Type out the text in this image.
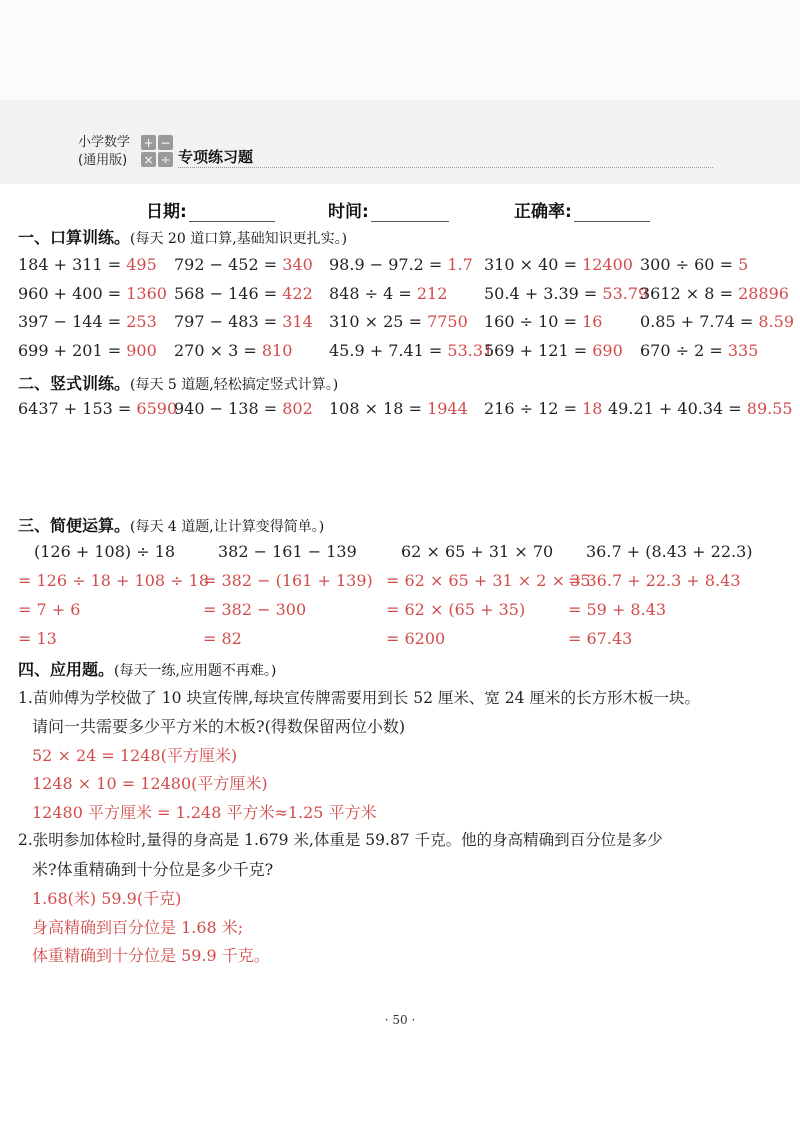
小学数学
(通用版)
+ −
× ÷ 专项练习题
日期:	时间:	正确率:
一、口算训练。(每天 20 道口算,基础知识更扎实。)
184 + 311 = 495 792 − 452 = 340 98.9 − 97.2 = 1.7 310 × 40 = 12400 300 ÷ 60 = 5
960 + 400 = 1360 568 − 146 = 422 848 ÷ 4 = 212 50.4 + 3.39 = 53.79
3612 × 8 = 28896
397 − 144 = 253 797 − 483 = 314 310 × 25 = 7750 160 ÷ 10 = 16 0.85 + 7.74 = 8.59
699 + 201 = 900 270 × 3 = 810 45.9 + 7.41 = 53.31
569 + 121 = 690 670 ÷ 2 = 335
二、竖式训练。(每天 5 道题,轻松搞定竖式计算。)
6437 + 153 = 6590
940 − 138 = 802 108 × 18 = 1944 216 ÷ 12 = 18 49.21 + 40.34 = 89.55
三、简便运算。(每天 4 道题,让计算变得简单。)
(126 + 108) ÷ 18
= 126 ÷ 18 + 108 ÷ 18
= 7 + 6
= 13
382 − 161 − 139
= 382 − (161 + 139)
= 382 − 300
= 82
62 × 65 + 31 × 70
= 62 × 65 + 31 × 2 × 35
= 62 × (65 + 35)
= 6200
36.7 + (8.43 + 22.3)
= 36.7 + 22.3 + 8.43
= 59 + 8.43
= 67.43
四、应用题。(每天一练,应用题不再难。)
1.苗帅傅为学校做了 10 块宣传牌,每块宣传牌需要用到长 52 厘米、宽 24 厘米的长方形木板一块。
请问一共需要多少平方米的木板?(得数保留两位小数)
52 × 24 = 1248(平方厘米)
1248 × 10 = 12480(平方厘米)
12480 平方厘米 = 1.248 平方米≈1.25 平方米
2.张明参加体检时,量得的身高是 1.679 米,体重是 59.87 千克。他的身高精确到百分位是多少
米?体重精确到十分位是多少千克?
1.68(米) 59.9(千克)
身高精确到百分位是 1.68 米;
体重精确到十分位是 59.9 千克。
· 50 ·
